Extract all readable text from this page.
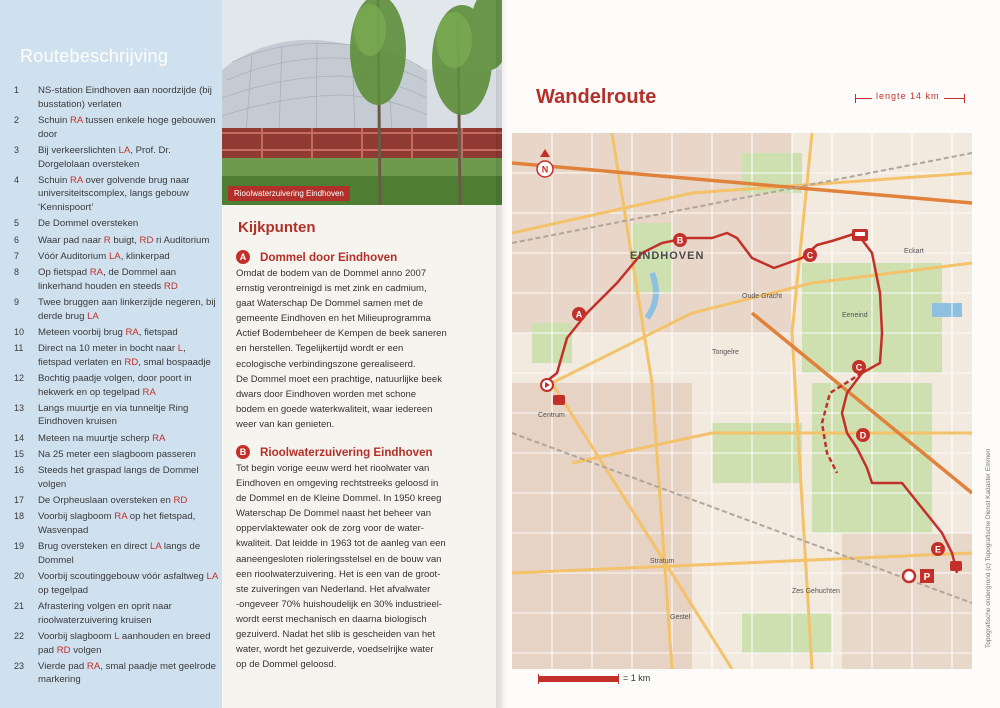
Routebeschrijving
1	NS-station Eindhoven aan noordzijde (bij busstation) verlaten
2	Schuin RA tussen enkele hoge gebouwen door
3	Bij verkeerslichten LA, Prof. Dr. Dorgelolaan oversteken
4	Schuin RA over golvende brug naar universiteitscomplex, langs gebouw ‘Kennispoort’
5	De Dommel oversteken
6	Waar pad naar R buigt, RD ri Auditorium
7	Vóór Auditorium LA, klinkerpad
8	Op fietspad RA, de Dommel aan linkerhand houden en steeds RD
9	Twee bruggen aan linkerzijde negeren, bij derde brug LA
10	Meteen voorbij brug RA, fietspad
11	Direct na 10 meter in bocht naar L, fietspad verlaten en RD, smal bospaadje
12	Bochtig paadje volgen, door poort in hekwerk en op tegelpad RA
13	Langs muurtje en via tunneltje Ring Eindhoven kruisen
14	Meteen na muurtje scherp RA
15	Na 25 meter een slagboom passeren
16	Steeds het graspad langs de Dommel volgen
17	De Orpheuslaan oversteken en RD
18	Voorbij slagboom RA op het fietspad, Wasvenpad
19	Brug oversteken en direct LA langs de Dommel
20	Voorbij scoutinggebouw vóór asfaltweg LA op tegelpad
21	Afrastering volgen en oprit naar rioolwaterzuivering kruisen
22	Voorbij slagboom L aanhouden en breed pad RD volgen
23	Vierde pad RA, smal paadje met geelrode markering
Rioolwaterzuivering Eindhoven
Kijkpunten
A	Dommel door Eindhoven

Omdat de bodem van de Dommel anno 2007
ernstig verontreinigd is met zink en cadmium,
gaat Waterschap De Dommel samen met de
gemeente Eindhoven en het Milieuprogramma
Actief Bodembeheer de Kempen de beek saneren
en herstellen. Tegelijkertijd wordt er een
ecologische verbindingszone gerealiseerd.
De Dommel moet een prachtige, natuurlijke beek
dwars door Eindhoven worden met schone
bodem en goede waterkwaliteit, waar iedereen
weer van kan genieten.

B	Rioolwaterzuivering Eindhoven

Tot begin vorige eeuw werd het rioolwater van
Eindhoven en omgeving rechtstreeks geloosd in
de Dommel en de Kleine Dommel. In 1950 kreeg
Waterschap De Dommel naast het beheer van
oppervlaktewater ook de zorg voor de water-
kwaliteit. Dat leidde in 1963 tot de aanleg van een
aaneengesloten rioleringsstelsel en de bouw van
een rioolwaterzuivering. Het is een van de groot-
ste zuiveringen van Nederland. Het afvalwater
-ongeveer 70% huishoudelijk en 30% industrieel-
wordt eerst mechanisch en daarna biologisch
gezuiverd. Nadat het slib is gescheiden van het
water, wordt het gezuiverde, voedselrijke water
op de Dommel geloosd.

Wandelroute	lengte 14 km
A
B
C
C
D
E
N
P
EINDHOVEN
Centrum
Tongelre
Eeneind
Oude Gracht
Stratum
Gestel
Zes Gehuchten
Eckart
Topografische ondergrond (c) Topografische Dienst Kadaster Emmen
= 1 km
